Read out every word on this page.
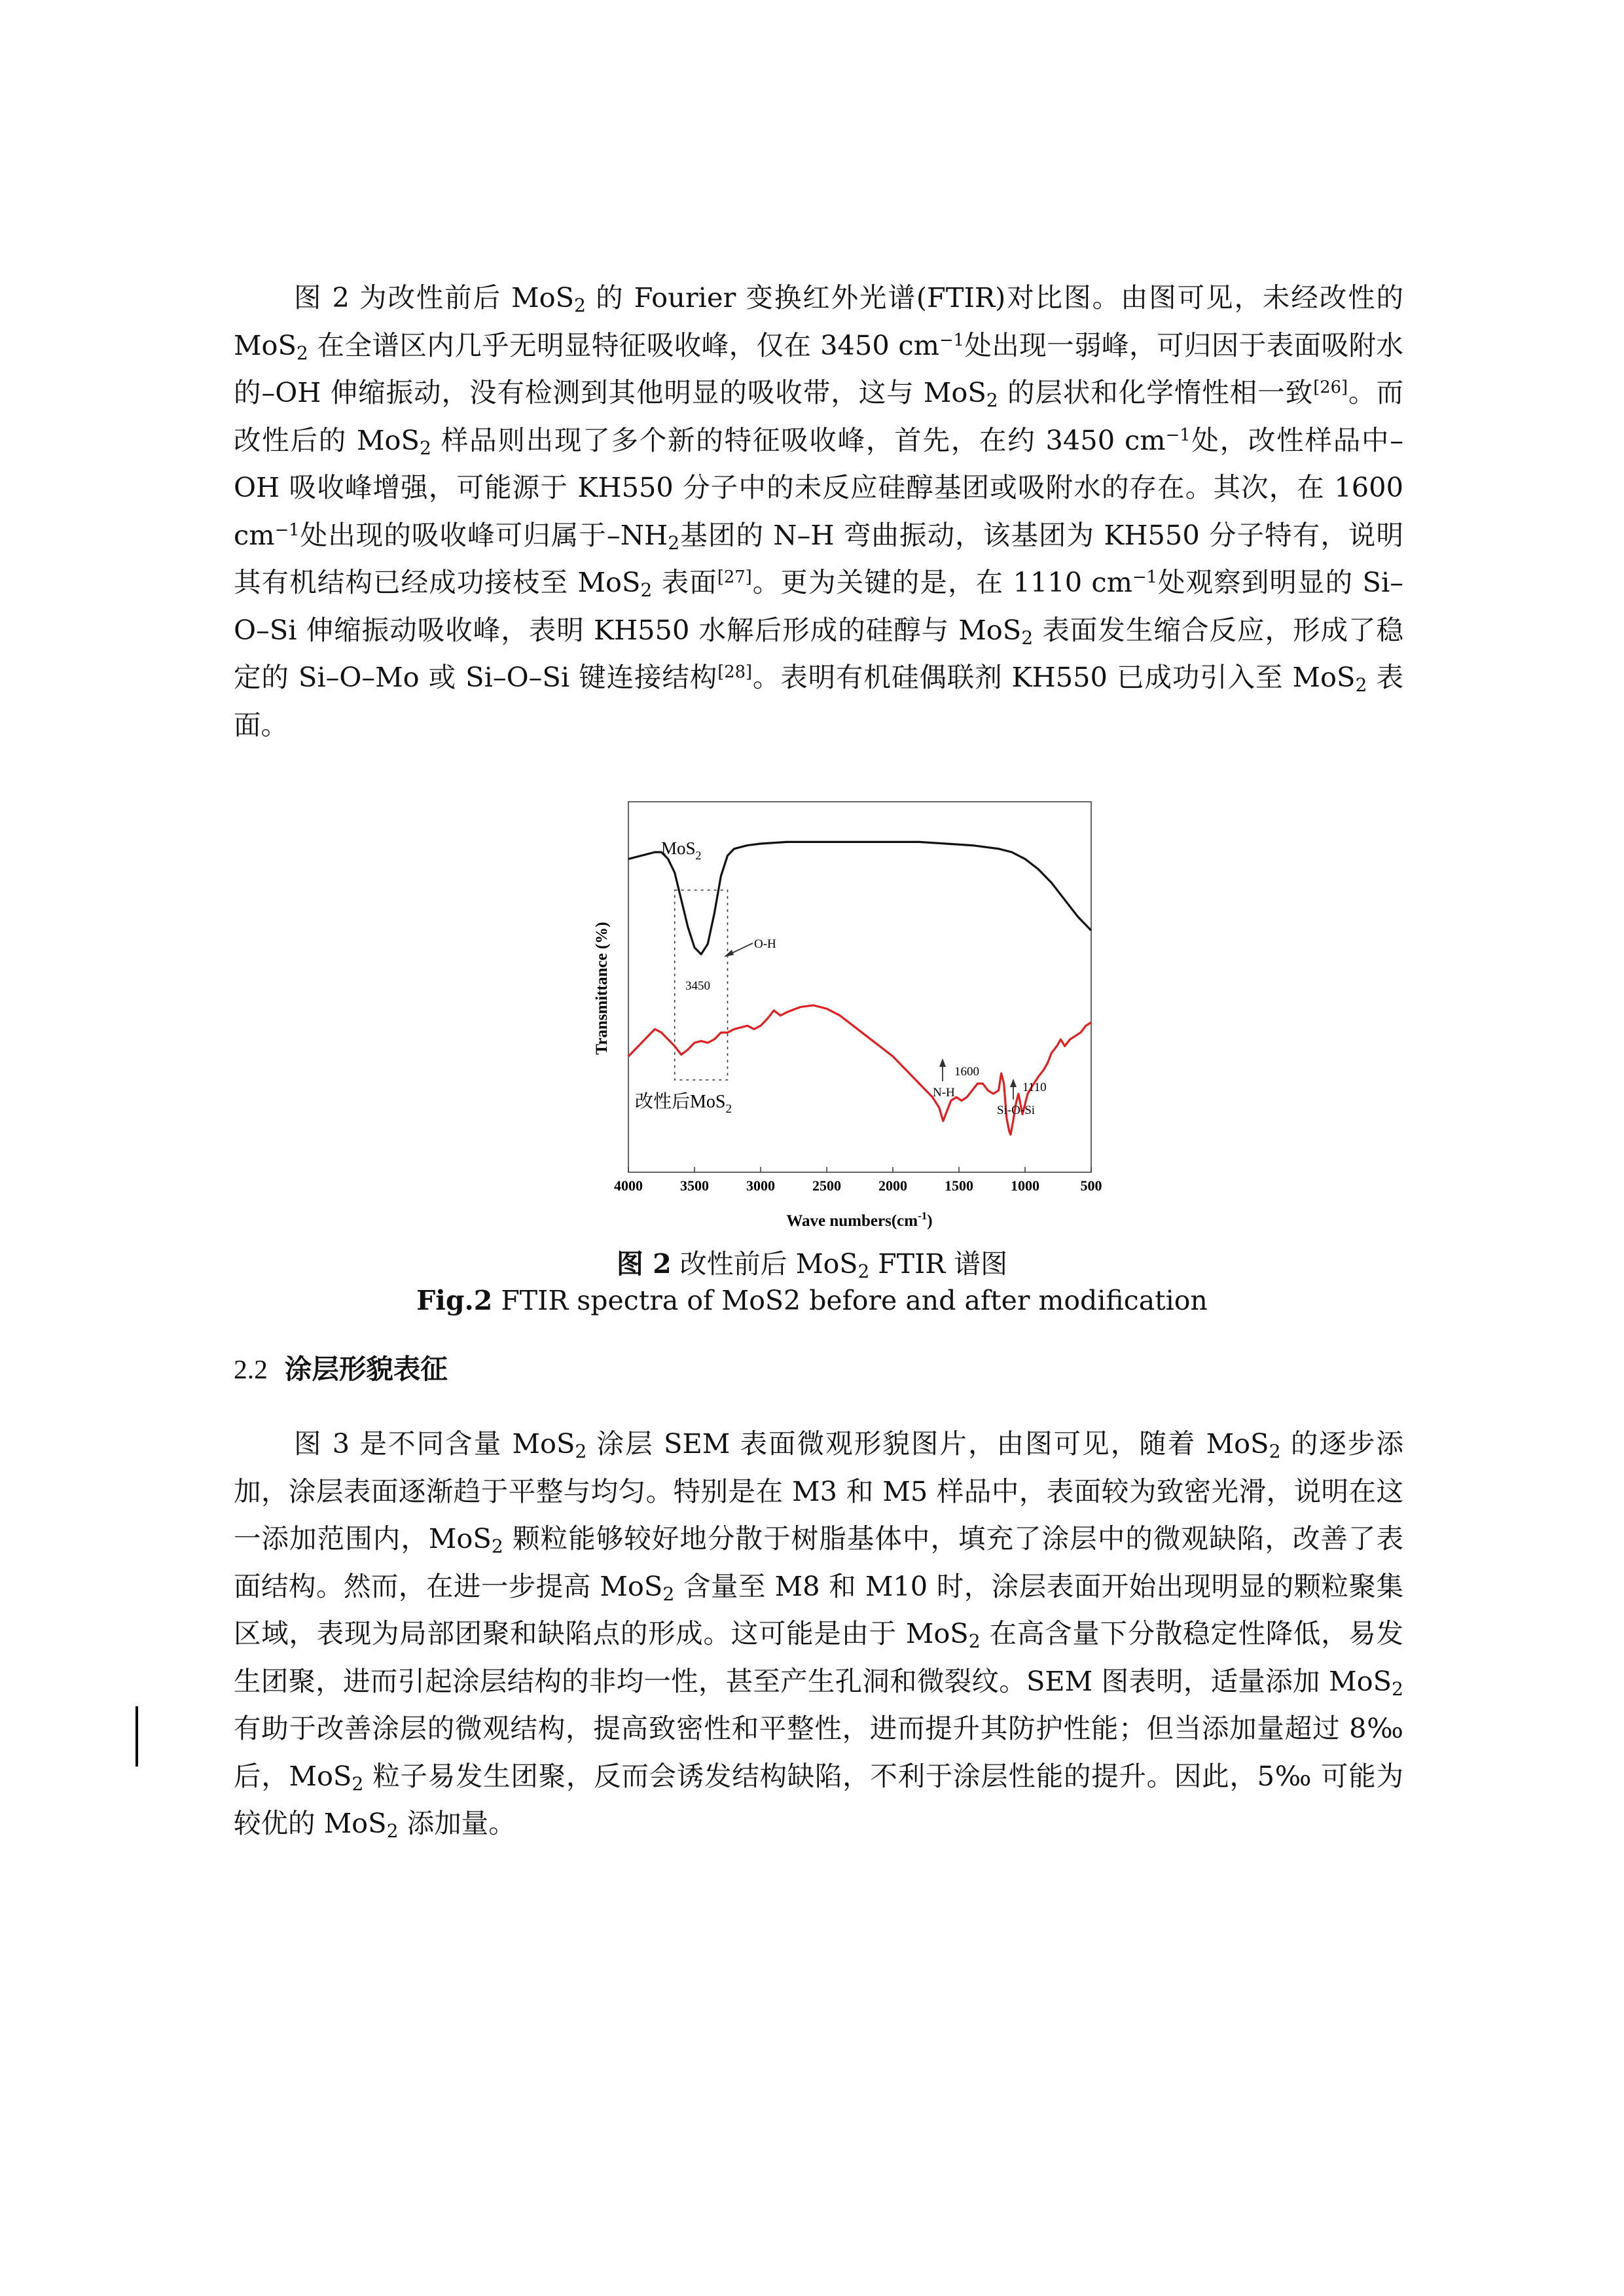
图 2 为改性前后 MoS$_2$ 的 Fourier 变换红外光谱(FTIR)对比图。由图可见，未经改性的 MoS$_2$ 在全谱区内几乎无明显特征吸收峰，仅在 3450 $cm^{-1}$处出现一弱峰，可归因于表面吸附水的–OH 伸缩振动，没有检测到其他明显的吸收带，这与 MoS$_2$ 的层状和化学惰性相一致[26]。而改性后的 MoS$_2$ 样品则出现了多个新的特征吸收峰，首先，在约 3450 $cm^{-1}$处，改性样品中–OH 吸收峰增强，可能源于 KH550 分子中的未反应硅醇基团或吸附水的存在。其次，在 1600 $cm^{-1}$处出现的吸收峰可归属于$-NH_2$基团的 N–H 弯曲振动，该基团为 KH550 分子特有，说明其有机结构已经成功接枝至 MoS$_2$ 表面[27]。更为关键的是，在 1110 $cm^{-1}$处观察到明显的 Si–O–Si 伸缩振动吸收峰，表明 KH550 水解后形成的硅醇与 MoS$_2$ 表面发生缩合反应，形成了稳定的 Si–O–Mo 或 Si–O–Si 键连接结构[28]。表明有机硅偶联剂 KH550 已成功引入至 MoS$_2$ 表面。

4000	3500	3000	2500	2000	1500	1000	500
Transmittance (%)
Wave $numbers(cm^{-1})$
MoS$_2$
改性后MoS$_2$
O-H
3450
1600
N-H	1110
Si-O-Si
图 2 改性前后 MoS$_2$ FTIR 谱图
Fig.2 FTIR spectra of MoS2 before and after modification
2.2 涂层形貌表征

图 3 是不同含量 MoS$_2$ 涂层 SEM 表面微观形貌图片，由图可见，随着 MoS$_2$ 的逐步添加，涂层表面逐渐趋于平整与均匀。特别是在 M3 和 M5 样品中，表面较为致密光滑，说明在这一添加范围内，MoS$_2$ 颗粒能够较好地分散于树脂基体中，填充了涂层中的微观缺陷，改善了表面结构。然而，在进一步提高 MoS$_2$ 含量至 M8 和 M10 时，涂层表面开始出现明显的颗粒聚集区域，表现为局部团聚和缺陷点的形成。这可能是由于 MoS$_2$ 在高含量下分散稳定性降低，易发生团聚，进而引起涂层结构的非均一性，甚至产生孔洞和微裂纹。SEM 图表明，适量添加 MoS$_2$ 有助于改善涂层的微观结构，提高致密性和平整性，进而提升其防护性能；但当添加量超过 8‰后，MoS$_2$ 粒子易发生团聚，反而会诱发结构缺陷，不利于涂层性能的提升。因此，5‰ 可能为较优的 MoS$_2$ 添加量。
